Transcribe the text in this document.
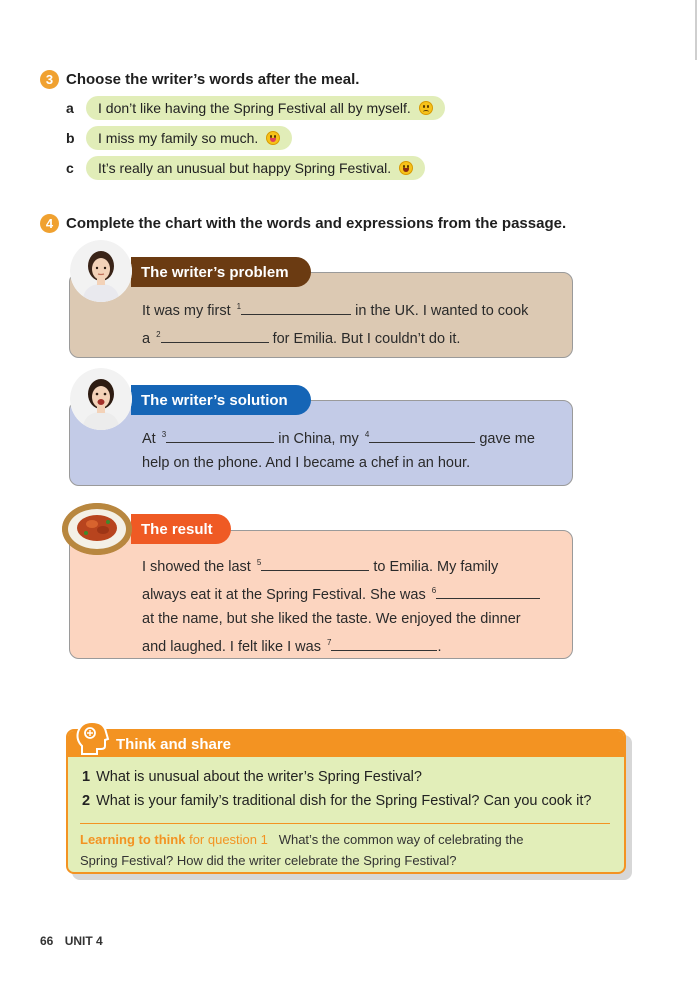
3 Choose the writer’s words after the meal.
a	I don’t like having the Spring Festival all by myself.
b	I miss my family so much.
c	It’s really an unusual but happy Spring Festival.
4 Complete the chart with the words and expressions from the passage.
It was my first $^1$	in the UK. I wanted to cook
a $^2$	for Emilia. But I couldn’t do it.
The writer’s problem
At $^3$	in China, my $^4$	gave me
help on the phone. And I became a chef in an hour.
The writer’s solution
I showed the last $^5$	to Emilia. My family
always eat it at the Spring Festival. She was $^6$
at the name, but she liked the taste. We enjoyed the dinner
and laughed. I felt like I was $^7$	.
The result
Think and share
1 What is unusual about the writer’s Spring Festival?
2 What is your family’s traditional dish for the Spring Festival? Can you cook it?
Learning to think for question 1 What’s the common way of celebrating the
Spring Festival? How did the writer celebrate the Spring Festival?
66 UNIT 4
